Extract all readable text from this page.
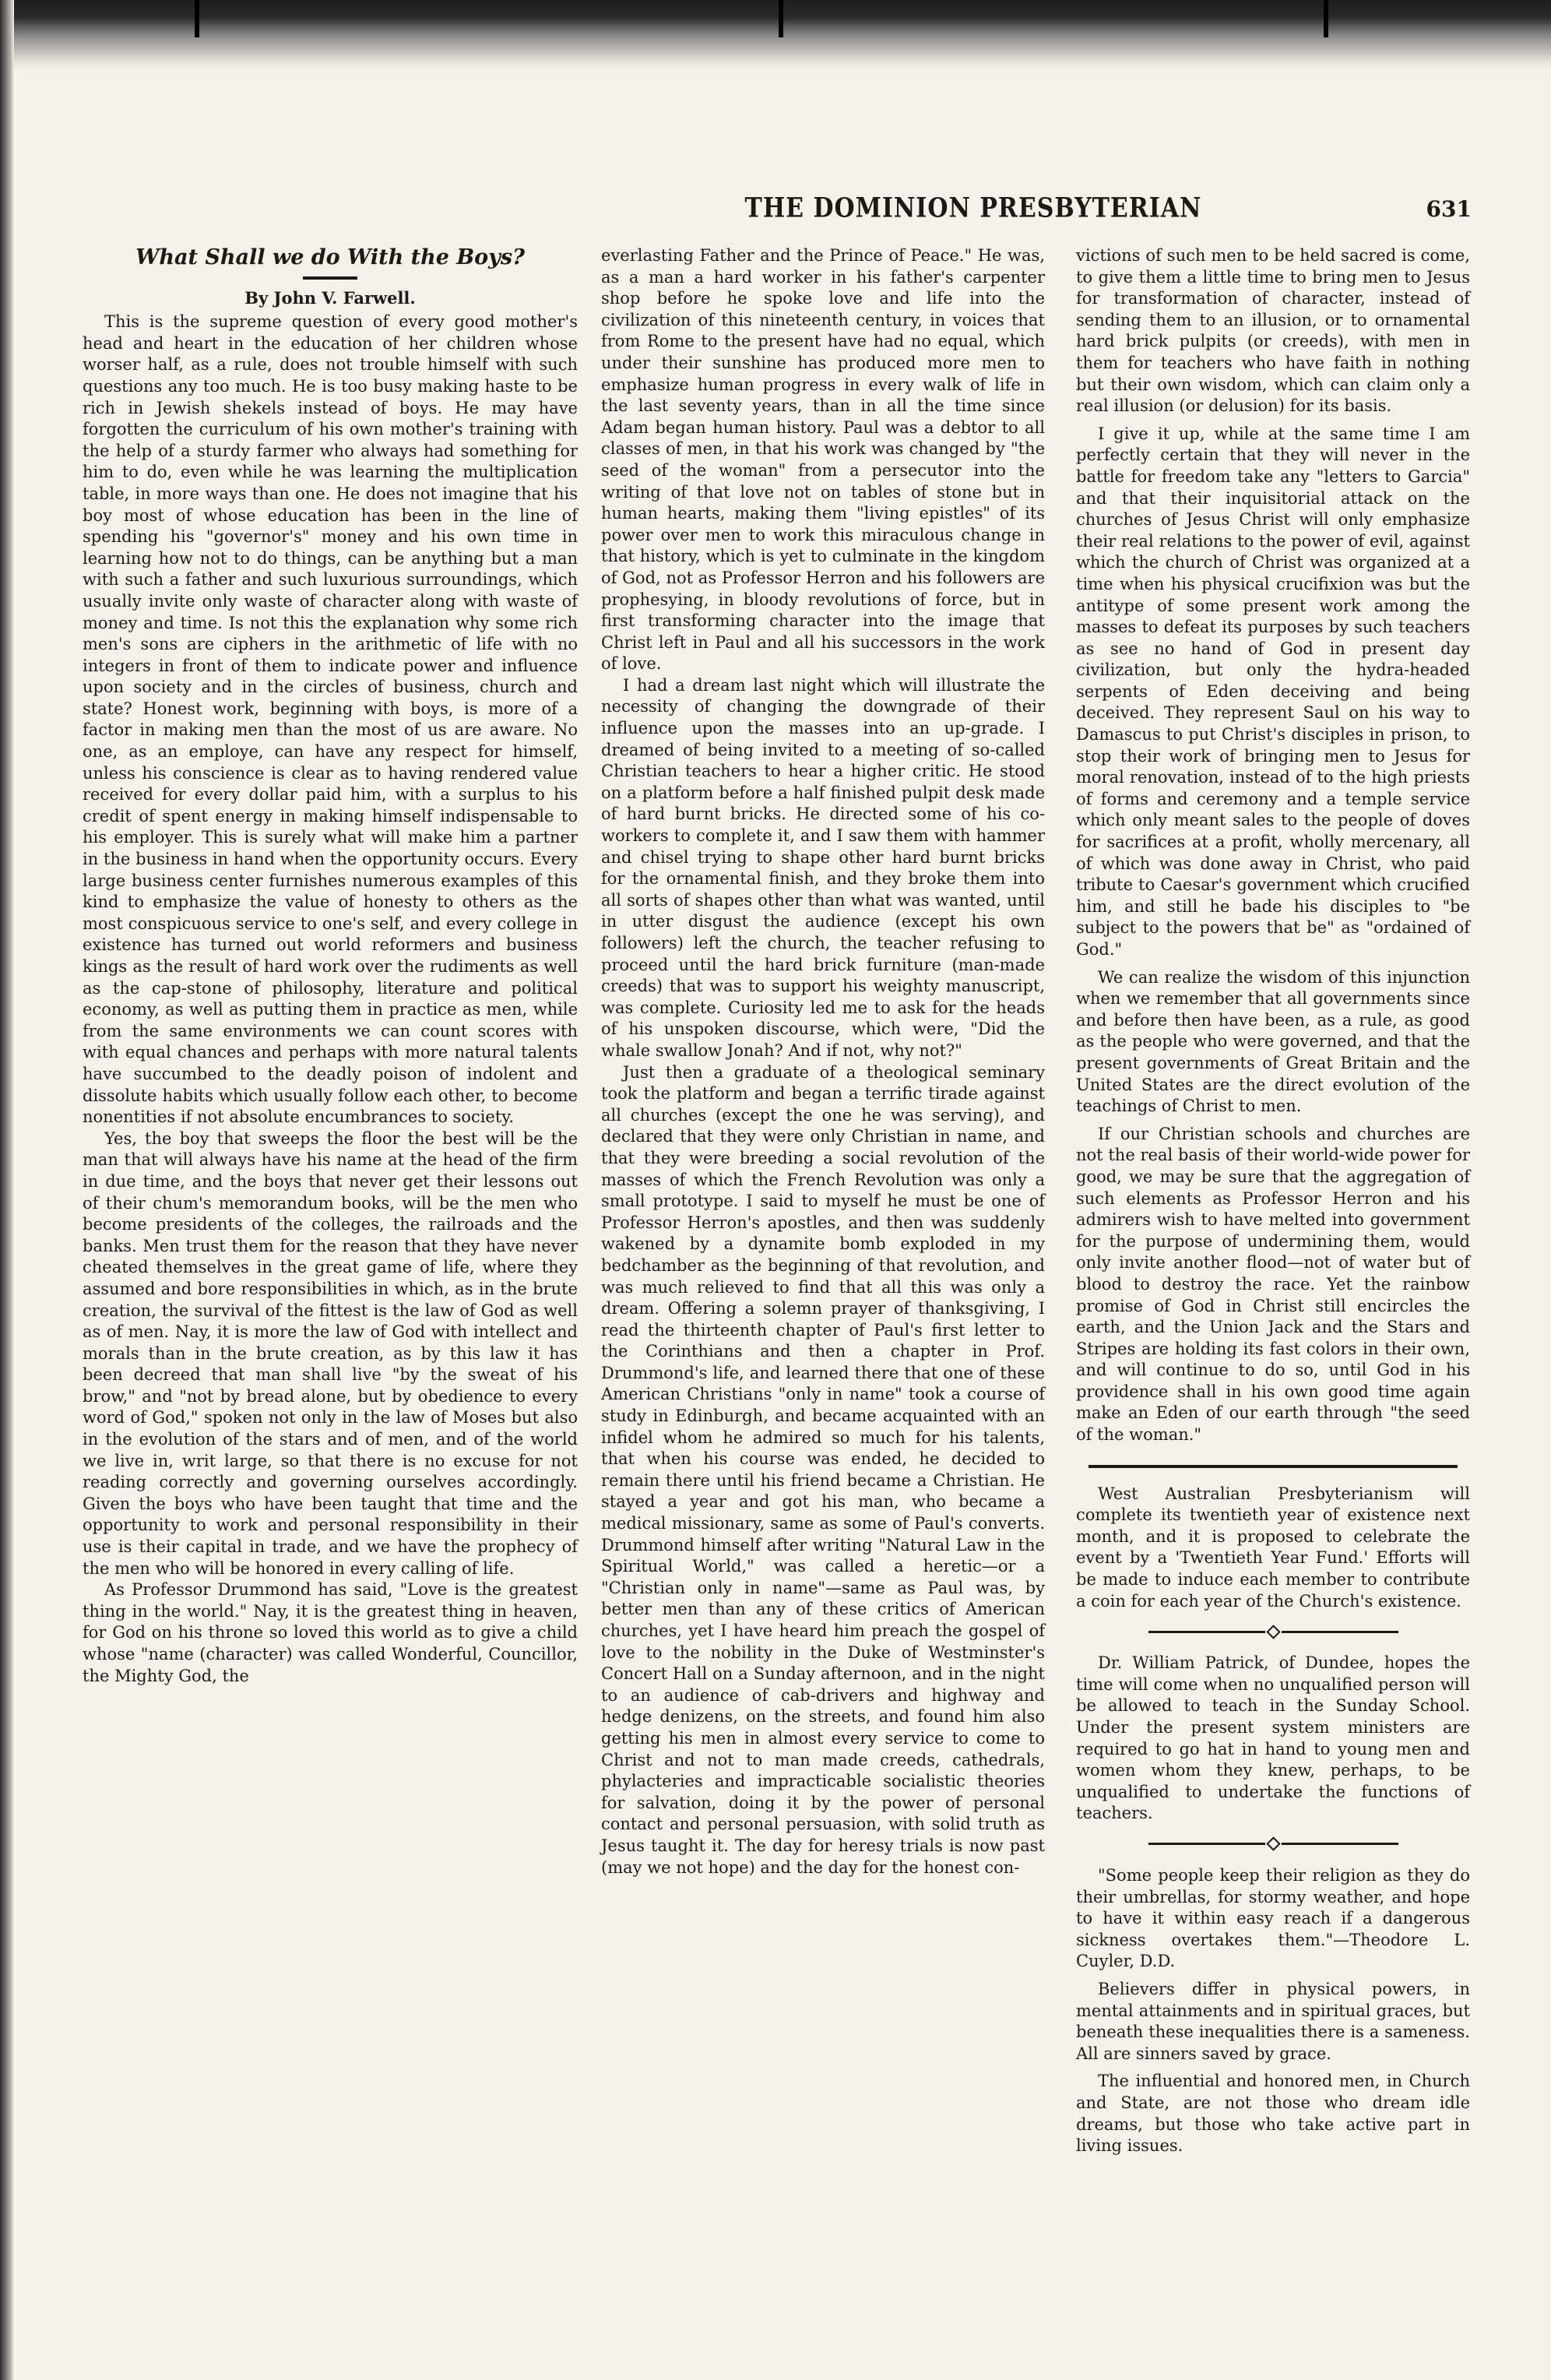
THE DOMINION PRESBYTERIAN	631
What Shall we do With the Boys?
By John V. Farwell.

This is the supreme question of every good mother's head and heart in the education of her children whose worser half, as a rule, does not trouble himself with such questions any too much. He is too busy making haste to be rich in Jewish shekels instead of boys. He may have forgotten the curriculum of his own mother's training with the help of a sturdy farmer who always had something for him to do, even while he was learning the multiplication table, in more ways than one. He does not imagine that his boy most of whose education has been in the line of spending his "governor's" money and his own time in learning how not to do things, can be anything but a man with such a father and such luxurious surroundings, which usually invite only waste of character along with waste of money and time. Is not this the explanation why some rich men's sons are ciphers in the arithmetic of life with no integers in front of them to indicate power and influence upon society and in the circles of business, church and state? Honest work, beginning with boys, is more of a factor in making men than the most of us are aware. No one, as an employe, can have any respect for himself, unless his conscience is clear as to having rendered value received for every dollar paid him, with a surplus to his credit of spent energy in making himself indispensable to his employer. This is surely what will make him a partner in the business in hand when the opportunity occurs. Every large business center furnishes numerous examples of this kind to emphasize the value of honesty to others as the most conspicuous service to one's self, and every college in existence has turned out world reformers and business kings as the result of hard work over the rudiments as well as the cap-stone of philosophy, literature and political economy, as well as putting them in practice as men, while from the same environments we can count scores with with equal chances and perhaps with more natural talents have succumbed to the deadly poison of indolent and dissolute habits which usually follow each other, to become nonentities if not absolute encumbrances to society.

Yes, the boy that sweeps the floor the best will be the man that will always have his name at the head of the firm in due time, and the boys that never get their lessons out of their chum's memorandum books, will be the men who become presidents of the colleges, the railroads and the banks. Men trust them for the reason that they have never cheated themselves in the great game of life, where they assumed and bore responsibilities in which, as in the brute creation, the survival of the fittest is the law of God as well as of men. Nay, it is more the law of God with intellect and morals than in the brute creation, as by this law it has been decreed that man shall live "by the sweat of his brow," and "not by bread alone, but by obedience to every word of God," spoken not only in the law of Moses but also in the evolution of the stars and of men, and of the world we live in, writ large, so that there is no excuse for not reading correctly and governing ourselves accordingly. Given the boys who have been taught that time and the opportunity to work and personal responsibility in their use is their capital in trade, and we have the prophecy of the men who will be honored in every calling of life.

As Professor Drummond has said, "Love is the greatest thing in the world." Nay, it is the greatest thing in heaven, for God on his throne so loved this world as to give a child whose "name (character) was called Wonderful, Councillor, the Mighty God, the

everlasting Father and the Prince of Peace." He was, as a man a hard worker in his father's carpenter shop before he spoke love and life into the civilization of this nineteenth century, in voices that from Rome to the present have had no equal, which under their sunshine has produced more men to emphasize human progress in every walk of life in the last seventy years, than in all the time since Adam began human history. Paul was a debtor to all classes of men, in that his work was changed by "the seed of the woman" from a persecutor into the writing of that love not on tables of stone but in human hearts, making them "living epistles" of its power over men to work this miraculous change in that history, which is yet to culminate in the kingdom of God, not as Professor Herron and his followers are prophesying, in bloody revolutions of force, but in first transforming character into the image that Christ left in Paul and all his successors in the work of love.

I had a dream last night which will illustrate the necessity of changing the downgrade of their influence upon the masses into an up-grade. I dreamed of being invited to a meeting of so-called Christian teachers to hear a higher critic. He stood on a platform before a half finished pulpit desk made of hard burnt bricks. He directed some of his co-workers to complete it, and I saw them with hammer and chisel trying to shape other hard burnt bricks for the ornamental finish, and they broke them into all sorts of shapes other than what was wanted, until in utter disgust the audience (except his own followers) left the church, the teacher refusing to proceed until the hard brick furniture (man-made creeds) that was to support his weighty manuscript, was complete. Curiosity led me to ask for the heads of his unspoken discourse, which were, "Did the whale swallow Jonah? And if not, why not?"

Just then a graduate of a theological seminary took the platform and began a terrific tirade against all churches (except the one he was serving), and declared that they were only Christian in name, and that they were breeding a social revolution of the masses of which the French Revolution was only a small prototype. I said to myself he must be one of Professor Herron's apostles, and then was suddenly wakened by a dynamite bomb exploded in my bedchamber as the beginning of that revolution, and was much relieved to find that all this was only a dream. Offering a solemn prayer of thanksgiving, I read the thirteenth chapter of Paul's first letter to the Corinthians and then a chapter in Prof. Drummond's life, and learned there that one of these American Christians "only in name" took a course of study in Edinburgh, and became acquainted with an infidel whom he admired so much for his talents, that when his course was ended, he decided to remain there until his friend became a Christian. He stayed a year and got his man, who became a medical missionary, same as some of Paul's converts. Drummond himself after writing "Natural Law in the Spiritual World," was called a heretic—or a "Christian only in name"—same as Paul was, by better men than any of these critics of American churches, yet I have heard him preach the gospel of love to the nobility in the Duke of Westminster's Concert Hall on a Sunday afternoon, and in the night to an audience of cab-drivers and highway and hedge denizens, on the streets, and found him also getting his men in almost every service to come to Christ and not to man made creeds, cathedrals, phylacteries and impracticable socialistic theories for salvation, doing it by the power of personal contact and personal persuasion, with solid truth as Jesus taught it. The day for heresy trials is now past (may we not hope) and the day for the honest con-

victions of such men to be held sacred is come, to give them a little time to bring men to Jesus for transformation of character, instead of sending them to an illusion, or to ornamental hard brick pulpits (or creeds), with men in them for teachers who have faith in nothing but their own wisdom, which can claim only a real illusion (or delusion) for its basis.

I give it up, while at the same time I am perfectly certain that they will never in the battle for freedom take any "letters to Garcia" and that their inquisitorial attack on the churches of Jesus Christ will only emphasize their real relations to the power of evil, against which the church of Christ was organized at a time when his physical crucifixion was but the antitype of some present work among the masses to defeat its purposes by such teachers as see no hand of God in present day civilization, but only the hydra-headed serpents of Eden deceiving and being deceived. They represent Saul on his way to Damascus to put Christ's disciples in prison, to stop their work of bringing men to Jesus for moral renovation, instead of to the high priests of forms and ceremony and a temple service which only meant sales to the people of doves for sacrifices at a profit, wholly mercenary, all of which was done away in Christ, who paid tribute to Caesar's government which crucified him, and still he bade his disciples to "be subject to the powers that be" as "ordained of God."

We can realize the wisdom of this injunction when we remember that all governments since and before then have been, as a rule, as good as the people who were governed, and that the present governments of Great Britain and the United States are the direct evolution of the teachings of Christ to men.

If our Christian schools and churches are not the real basis of their world-wide power for good, we may be sure that the aggregation of such elements as Professor Herron and his admirers wish to have melted into government for the purpose of undermining them, would only invite another flood—not of water but of blood to destroy the race. Yet the rainbow promise of God in Christ still encircles the earth, and the Union Jack and the Stars and Stripes are holding its fast colors in their own, and will continue to do so, until God in his providence shall in his own good time again make an Eden of our earth through "the seed of the woman."

West Australian Presbyterianism will complete its twentieth year of existence next month, and it is proposed to celebrate the event by a 'Twentieth Year Fund.' Efforts will be made to induce each member to contribute a coin for each year of the Church's existence.

Dr. William Patrick, of Dundee, hopes the time will come when no unqualified person will be allowed to teach in the Sunday School. Under the present system ministers are required to go hat in hand to young men and women whom they knew, perhaps, to be unqualified to undertake the functions of teachers.

"Some people keep their religion as they do their umbrellas, for stormy weather, and hope to have it within easy reach if a dangerous sickness overtakes them."—Theodore L. Cuyler, D.D.

Believers differ in physical powers, in mental attainments and in spiritual graces, but beneath these inequalities there is a sameness. All are sinners saved by grace.

The influential and honored men, in Church and State, are not those who dream idle dreams, but those who take active part in living issues.
